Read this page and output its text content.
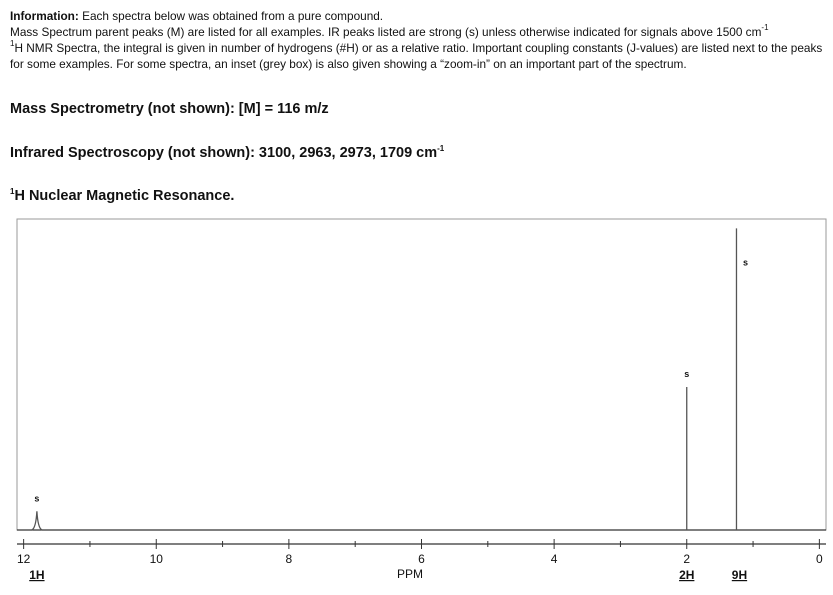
Information: Each spectra below was obtained from a pure compound.

Mass Spectrum parent peaks (M) are listed for all examples. IR peaks listed are strong (s) unless otherwise indicated for signals above 1500 $cm^{-1}$

$^1$H NMR Spectra, the integral is given in number of hydrogens (#H) or as a relative ratio. Important coupling constants (J-values) are listed next to the peaks for some examples. For some spectra, an inset (grey box) is also given showing a “zoom-in” on an important part of the spectrum.

Mass Spectrometry (not shown): [M] = 116 m/z
Infrared Spectroscopy (not shown): 3100, 2963, 2973, 1709 $cm^{-1}$
$^1$H Nuclear Magnetic Resonance.
12	10	8	6	4	2	0
s
1H
s
2H
s
9H
PPM
